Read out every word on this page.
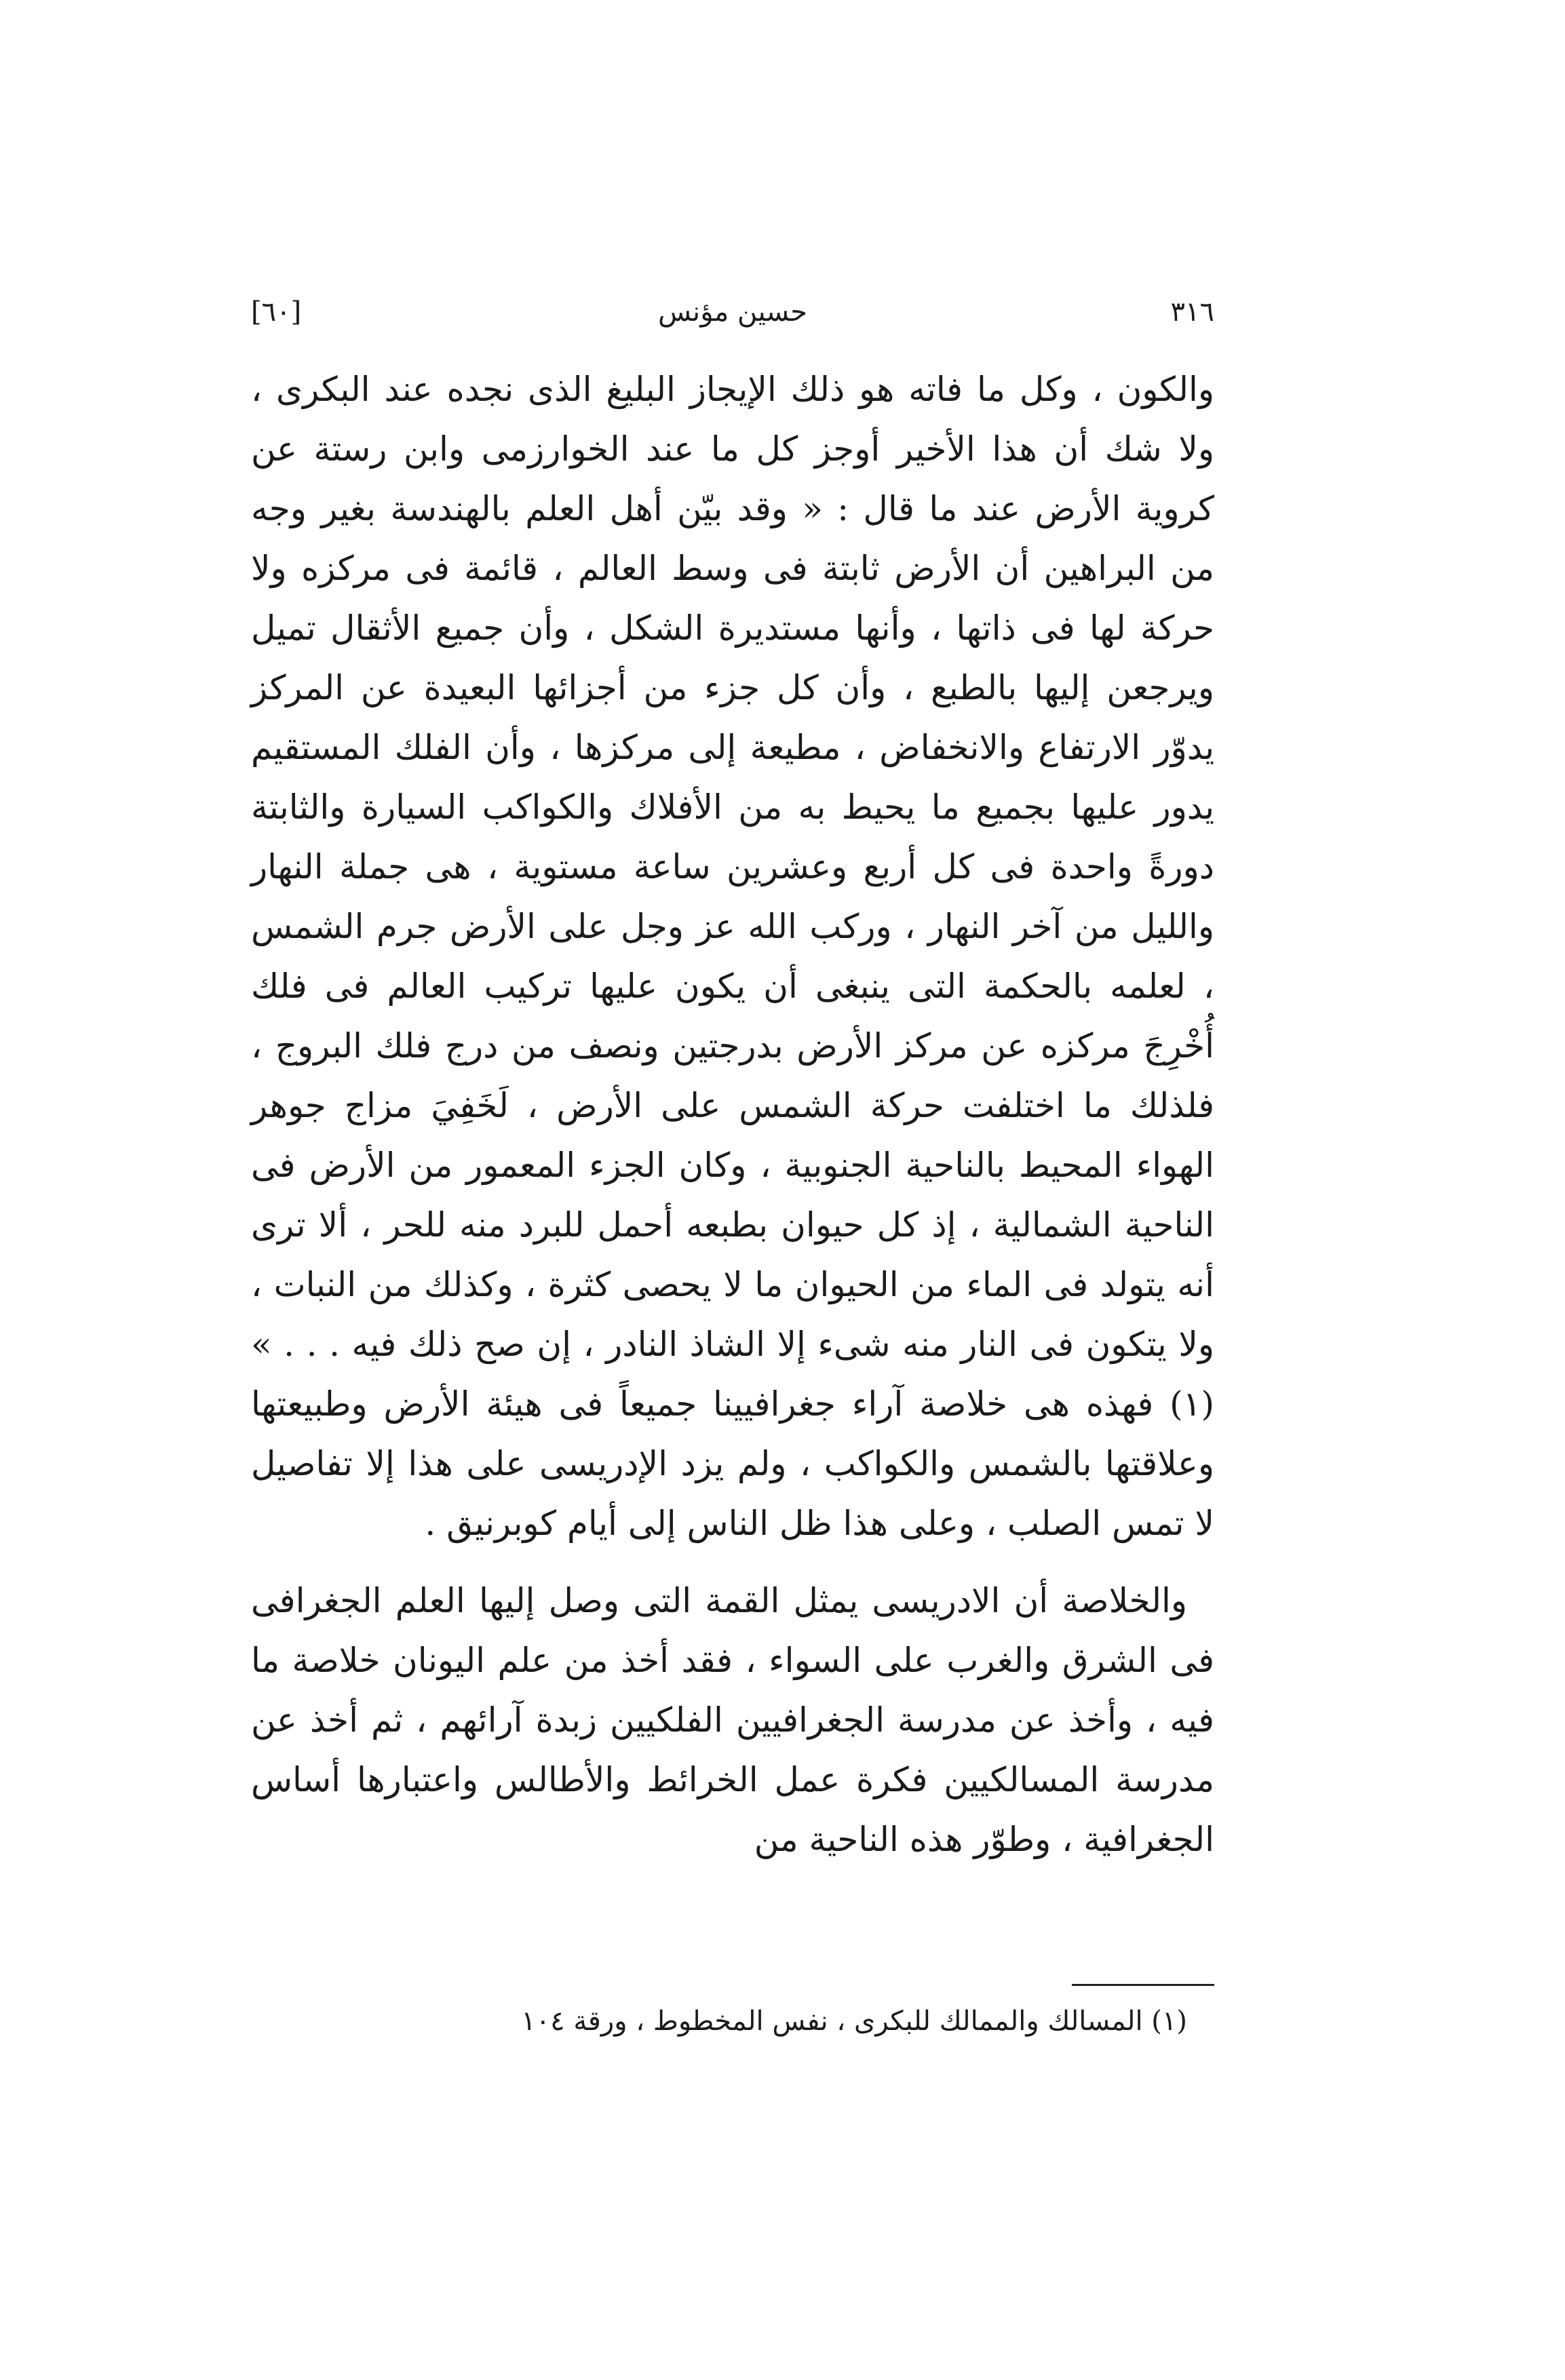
٣١٦
حسين مؤنس
[٦٠]

والكون ، وكل ما فاته هو ذلك الإيجاز البليغ الذى نجده عند البكرى ، ولا شك أن هذا الأخير أوجز كل ما عند الخوارزمى وابن رستة عن كروية الأرض عند ما قال : « وقد بيّن أهل العلم بالهندسة بغير وجه من البراهين أن الأرض ثابتة فى وسط العالم ، قائمة فى مركزه ولا حركة لها فى ذاتها ، وأنها مستديرة الشكل ، وأن جميع الأثقال تميل ويرجعن إليها بالطبع ، وأن كل جزء من أجزائها البعيدة عن المركز يدوّر الارتفاع والانخفاض ، مطيعة إلى مركزها ، وأن الفلك المستقيم يدور عليها بجميع ما يحيط به من الأفلاك والكواكب السيارة والثابتة دورةً واحدة فى كل أربع وعشرين ساعة مستوية ، هى جملة النهار والليل من آخر النهار ، وركب الله عز وجل على الأرض جرم الشمس ، لعلمه بالحكمة التى ينبغى أن يكون عليها تركيب العالم فى فلك أُخْرِجَ مركزه عن مركز الأرض بدرجتين ونصف من درج فلك البروج ، فلذلك ما اختلفت حركة الشمس على الأرض ، لَخَفِيَ مزاج جوهر الهواء المحيط بالناحية الجنوبية ، وكان الجزء المعمور من الأرض فى الناحية الشمالية ، إذ كل حيوان بطبعه أحمل للبرد منه للحر ، ألا ترى أنه يتولد فى الماء من الحيوان ما لا يحصى كثرة ، وكذلك من النبات ، ولا يتكون فى النار منه شىء إلا الشاذ النادر ، إن صح ذلك فيه . . . » (١) فهذه هى خلاصة آراء جغرافيينا جميعاً فى هيئة الأرض وطبيعتها وعلاقتها بالشمس والكواكب ، ولم يزد الإدريسى على هذا إلا تفاصيل لا تمس الصلب ، وعلى هذا ظل الناس إلى أيام كوبرنيق .

والخلاصة أن الادريسى يمثل القمة التى وصل إليها العلم الجغرافى فى الشرق والغرب على السواء ، فقد أخذ من علم اليونان خلاصة ما فيه ، وأخذ عن مدرسة الجغرافيين الفلكيين زبدة آرائهم ، ثم أخذ عن مدرسة المسالكيين فكرة عمل الخرائط والأطالس واعتبارها أساس الجغرافية ، وطوّر هذه الناحية من

(١) المسالك والممالك للبكرى ، نفس المخطوط ، ورقة ١٠٤
